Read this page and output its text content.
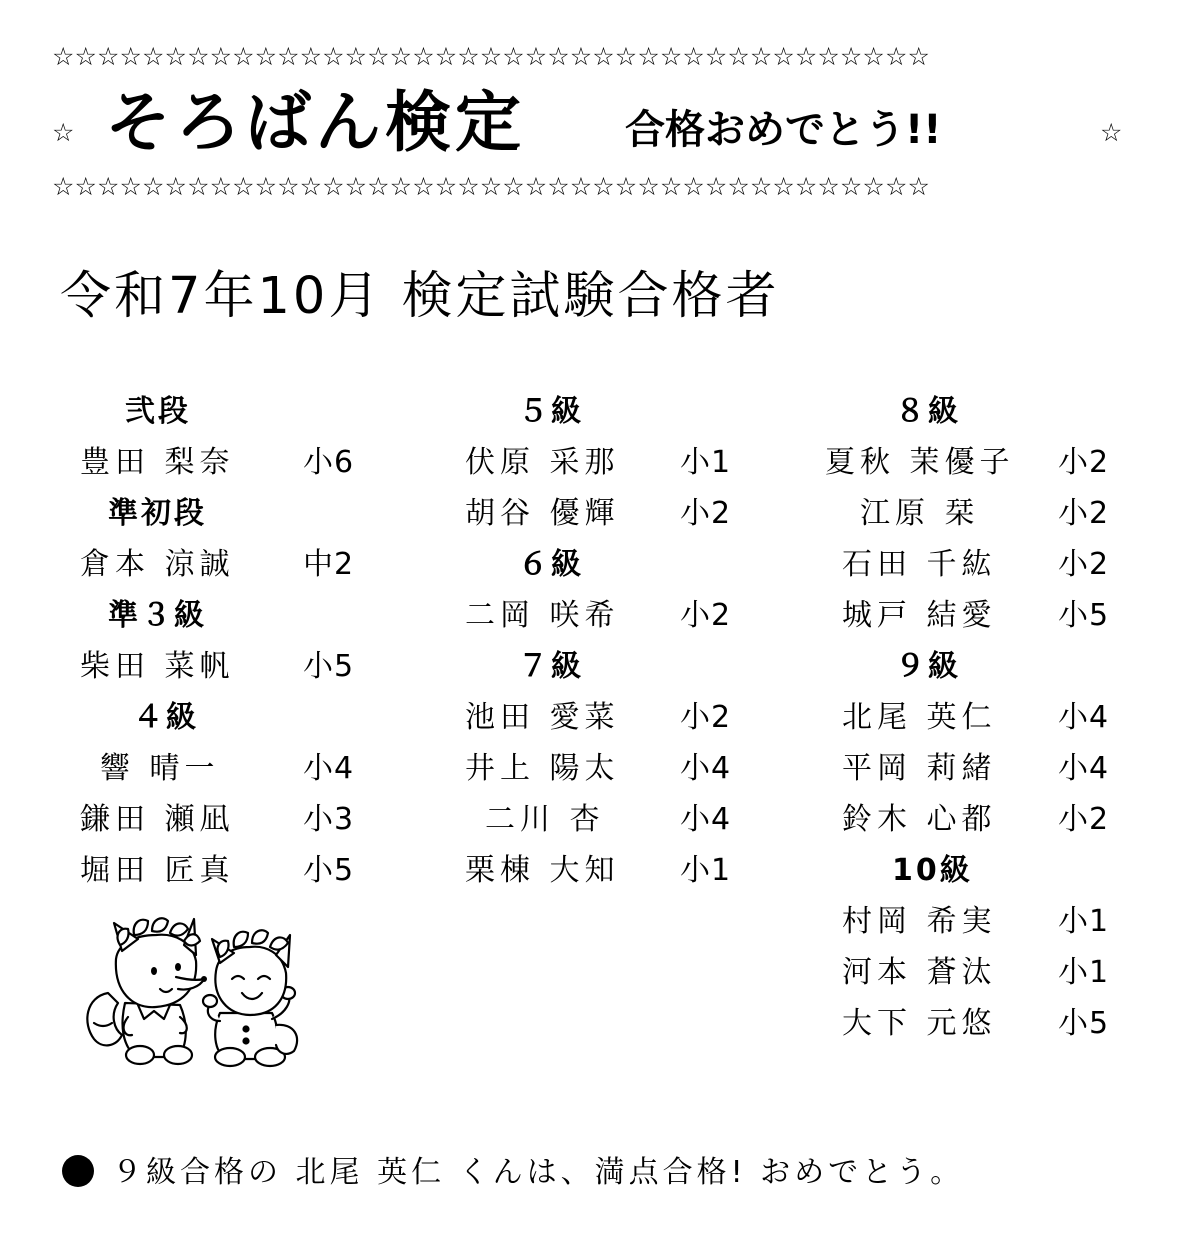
☆☆☆☆☆☆☆☆☆☆☆☆☆☆☆☆☆☆☆☆☆☆☆☆☆☆☆☆☆☆☆☆☆☆☆☆☆☆☆
☆ そろばん検定	合格おめでとう!!	☆
☆☆☆☆☆☆☆☆☆☆☆☆☆☆☆☆☆☆☆☆☆☆☆☆☆☆☆☆☆☆☆☆☆☆☆☆☆☆☆
令和7年10月 検定試験合格者
弐段
豊田 梨奈 小6
準初段
倉本 涼誠 中2
準３級
柴田 菜帆 小5
４級
響 晴一	小4
鎌田 瀬凪 小3
堀田 匠真 小5
５級
伏原 采那 小1
胡谷 優輝 小2
６級
二岡 咲希 小2
７級
池田 愛菜 小2
井上 陽太 小4
二川 杏	小4
栗棟 大知 小1
８級
夏秋 茉優子 小2
江原 栞	小2
石田 千紘 小2
城戸 結愛 小5
９級
北尾 英仁 小4
平岡 莉緒 小4
鈴木 心都 小2
10級
村岡 希実 小1
河本 蒼汰 小1
大下 元悠 小5
９級合格の 北尾 英仁 くんは、満点合格! おめでとう。
